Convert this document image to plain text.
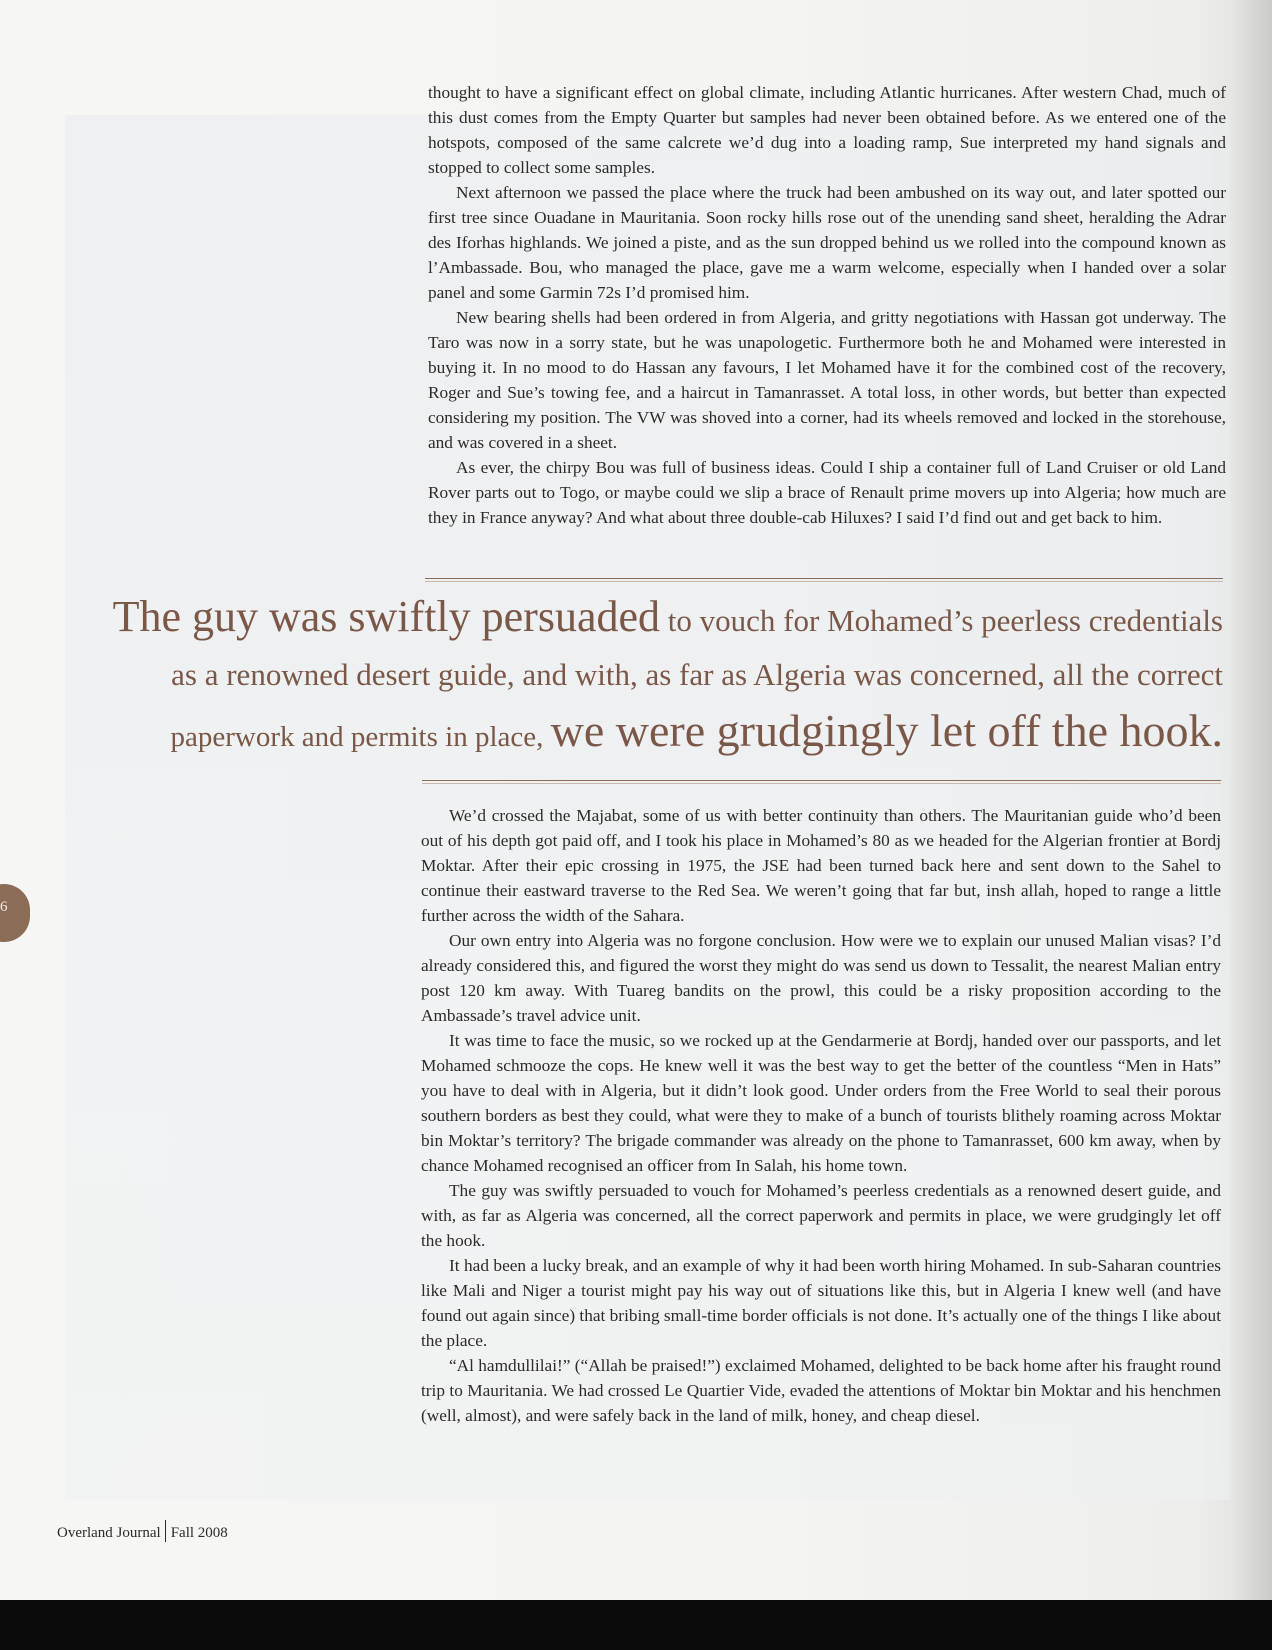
thought to have a significant effect on global climate, including Atlantic hurricanes. After western Chad, much of this dust comes from the Empty Quarter but samples had never been obtained before. As we entered one of the hotspots, composed of the same calcrete we’d dug into a loading ramp, Sue interpreted my hand signals and stopped to collect some samples.

Next afternoon we passed the place where the truck had been ambushed on its way out, and later spotted our first tree since Ouadane in Mauritania. Soon rocky hills rose out of the unending sand sheet, heralding the Adrar des Iforhas highlands. We joined a piste, and as the sun dropped behind us we rolled into the compound known as l’Ambassade. Bou, who managed the place, gave me a warm welcome, especially when I handed over a solar panel and some Garmin 72s I’d promised him.

New bearing shells had been ordered in from Algeria, and gritty negotiations with Hassan got underway. The Taro was now in a sorry state, but he was unapologetic. Furthermore both he and Mohamed were interested in buying it. In no mood to do Hassan any favours, I let Mohamed have it for the combined cost of the recovery, Roger and Sue’s towing fee, and a haircut in Tamanrasset. A total loss, in other words, but better than expected considering my position. The VW was shoved into a corner, had its wheels removed and locked in the storehouse, and was covered in a sheet.

As ever, the chirpy Bou was full of business ideas. Could I ship a container full of Land Cruiser or old Land Rover parts out to Togo, or maybe could we slip a brace of Renault prime movers up into Algeria; how much are they in France anyway? And what about three double-cab Hiluxes? I said I’d find out and get back to him.

The guy was swiftly persuaded to vouch for Mohamed’s peerless credentials
as a renowned desert guide, and with, as far as Algeria was concerned, all the correct
paperwork and permits in place, we were grudgingly let off the hook.

We’d crossed the Majabat, some of us with better continuity than others. The Mauritanian guide who’d been out of his depth got paid off, and I took his place in Mohamed’s 80 as we headed for the Algerian frontier at Bordj Moktar. After their epic crossing in 1975, the JSE had been turned back here and sent down to the Sahel to continue their eastward traverse to the Red Sea. We weren’t going that far but, insh allah, hoped to range a little further across the width of the Sahara.

Our own entry into Algeria was no forgone conclusion. How were we to explain our unused Malian visas? I’d already considered this, and figured the worst they might do was send us down to Tessalit, the nearest Malian entry post 120 km away. With Tuareg bandits on the prowl, this could be a risky proposition according to the Ambassade’s travel advice unit.

It was time to face the music, so we rocked up at the Gendarmerie at Bordj, handed over our passports, and let Mohamed schmooze the cops. He knew well it was the best way to get the better of the countless “Men in Hats” you have to deal with in Algeria, but it didn’t look good. Under orders from the Free World to seal their porous southern borders as best they could, what were they to make of a bunch of tourists blithely roaming across Moktar bin Moktar’s territory? The brigade commander was already on the phone to Tamanrasset, 600 km away, when by chance Mohamed recognised an officer from In Salah, his home town.

The guy was swiftly persuaded to vouch for Mohamed’s peerless credentials as a renowned desert guide, and with, as far as Algeria was concerned, all the correct paperwork and permits in place, we were grudgingly let off the hook.

It had been a lucky break, and an example of why it had been worth hiring Mohamed. In sub-Saharan countries like Mali and Niger a tourist might pay his way out of situations like this, but in Algeria I knew well (and have found out again since) that bribing small-time border officials is not done. It’s actually one of the things I like about the place.

“Al hamdullilai!” (“Allah be praised!”) exclaimed Mohamed, delighted to be back home after his fraught round trip to Mauritania. We had crossed Le Quartier Vide, evaded the attentions of Moktar bin Moktar and his henchmen (well, almost), and were safely back in the land of milk, honey, and cheap diesel.

6
Overland Journal Fall 2008
